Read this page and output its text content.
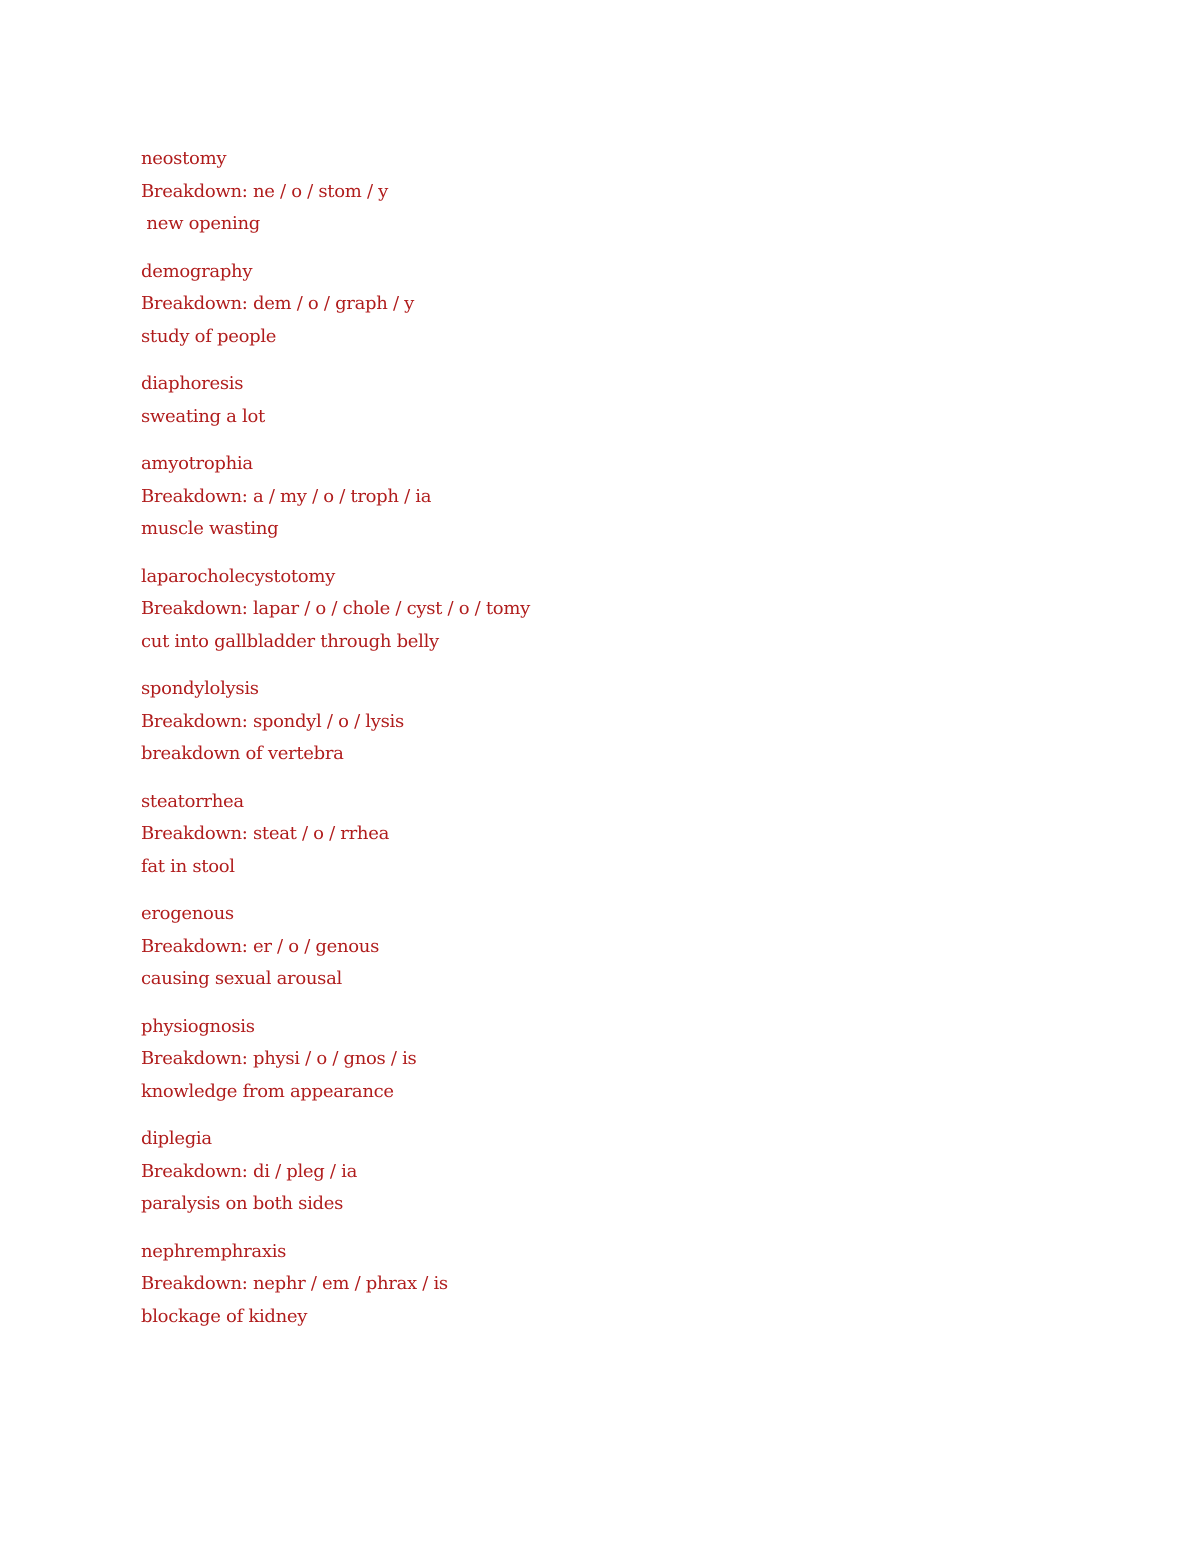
neostomy
Breakdown: ne / o / stom / y
new opening
demography
Breakdown: dem / o / graph / y
study of people
diaphoresis
sweating a lot
amyotrophia
Breakdown: a / my / o / troph / ia
muscle wasting
laparocholecystotomy
Breakdown: lapar / o / chole / cyst / o / tomy
cut into gallbladder through belly
spondylolysis
Breakdown: spondyl / o / lysis
breakdown of vertebra
steatorrhea
Breakdown: steat / o / rrhea
fat in stool
erogenous
Breakdown: er / o / genous
causing sexual arousal
physiognosis
Breakdown: physi / o / gnos / is
knowledge from appearance
diplegia
Breakdown: di / pleg / ia
paralysis on both sides
nephremphraxis
Breakdown: nephr / em / phrax / is
blockage of kidney
